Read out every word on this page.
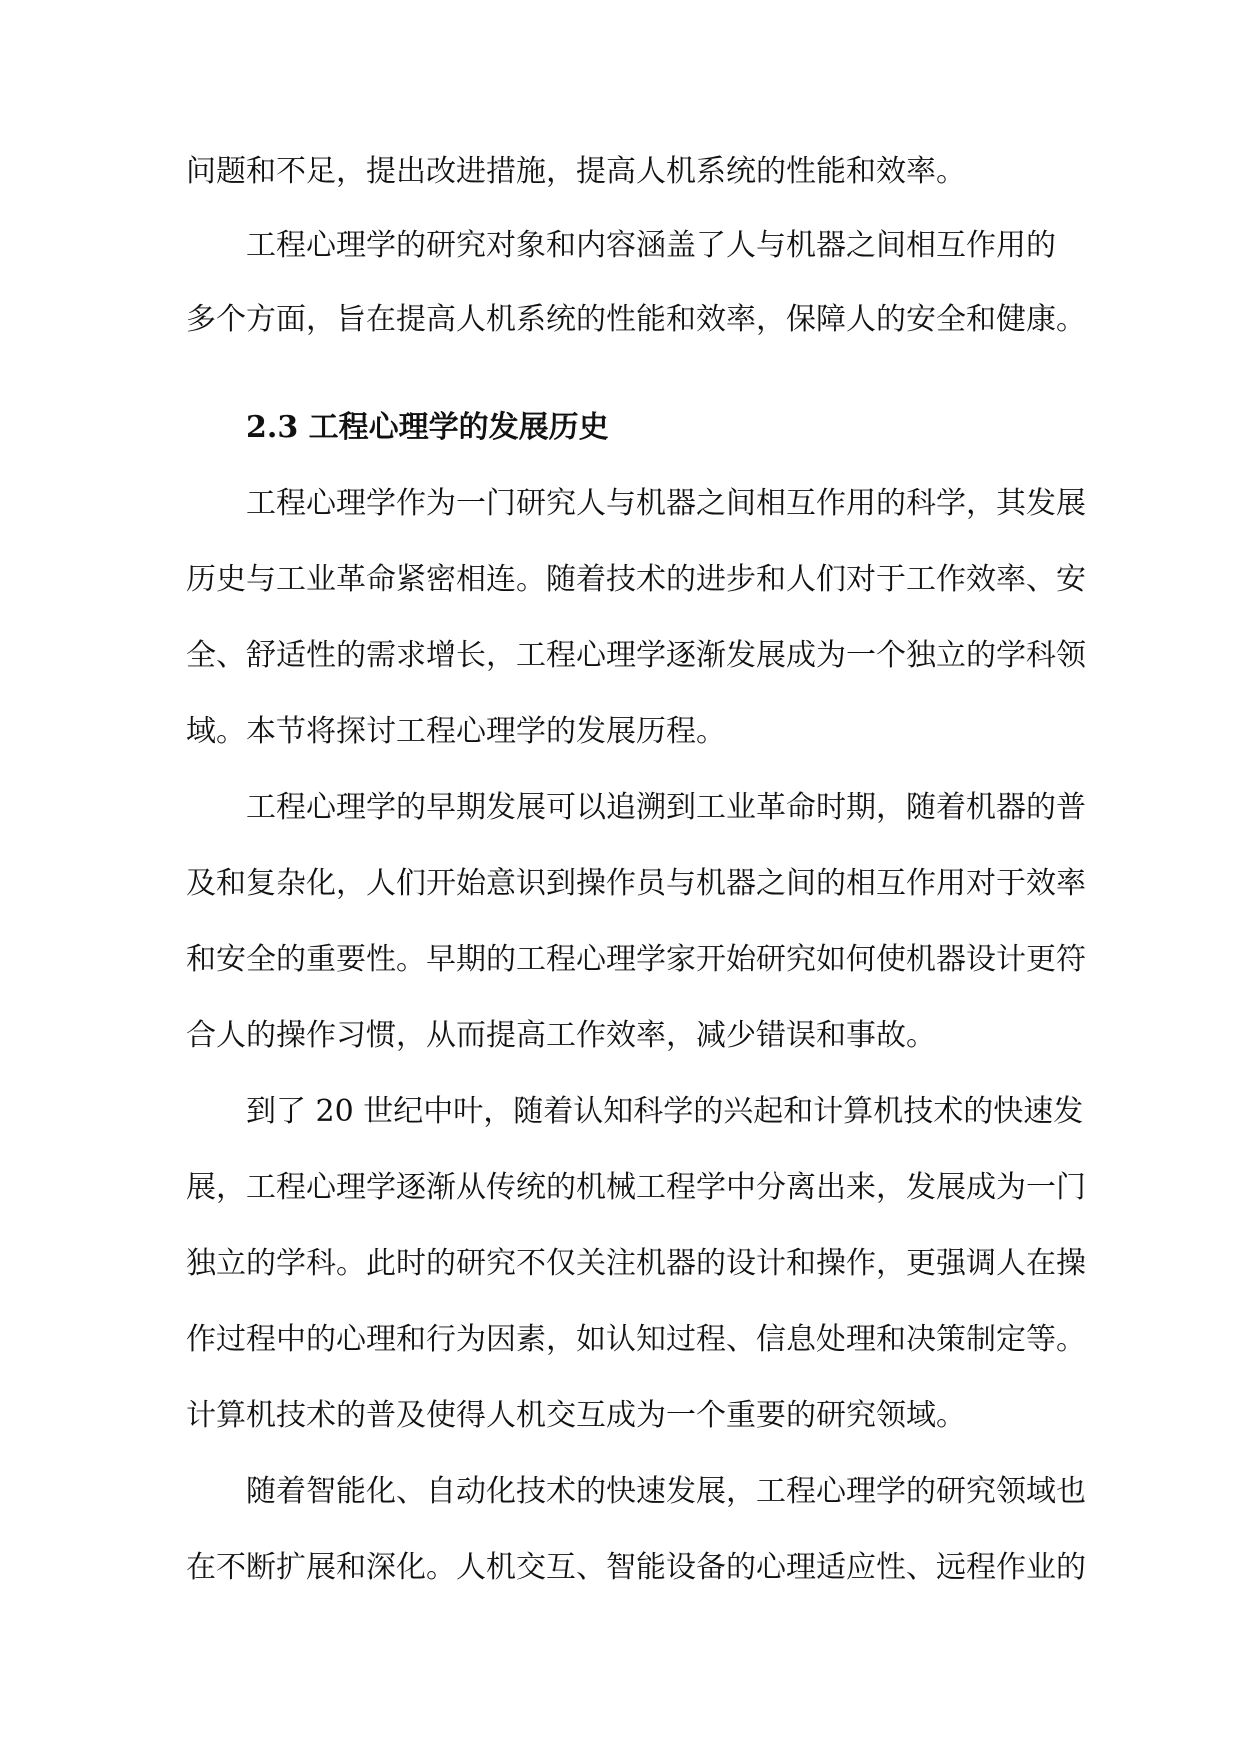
问题和不足，提出改进措施，提高人机系统的性能和效率。
工程心理学的研究对象和内容涵盖了人与机器之间相互作用的
多个方面，旨在提高人机系统的性能和效率，保障人的安全和健康。
2.3 工程心理学的发展历史
工程心理学作为一门研究人与机器之间相互作用的科学，其发展
历史与工业革命紧密相连。随着技术的进步和人们对于工作效率、安
全、舒适性的需求增长，工程心理学逐渐发展成为一个独立的学科领
域。本节将探讨工程心理学的发展历程。
工程心理学的早期发展可以追溯到工业革命时期，随着机器的普
及和复杂化，人们开始意识到操作员与机器之间的相互作用对于效率
和安全的重要性。早期的工程心理学家开始研究如何使机器设计更符
合人的操作习惯，从而提高工作效率，减少错误和事故。
到了 20 世纪中叶，随着认知科学的兴起和计算机技术的快速发
展，工程心理学逐渐从传统的机械工程学中分离出来，发展成为一门
独立的学科。此时的研究不仅关注机器的设计和操作，更强调人在操
作过程中的心理和行为因素，如认知过程、信息处理和决策制定等。
计算机技术的普及使得人机交互成为一个重要的研究领域。
随着智能化、自动化技术的快速发展，工程心理学的研究领域也
在不断扩展和深化。人机交互、智能设备的心理适应性、远程作业的
